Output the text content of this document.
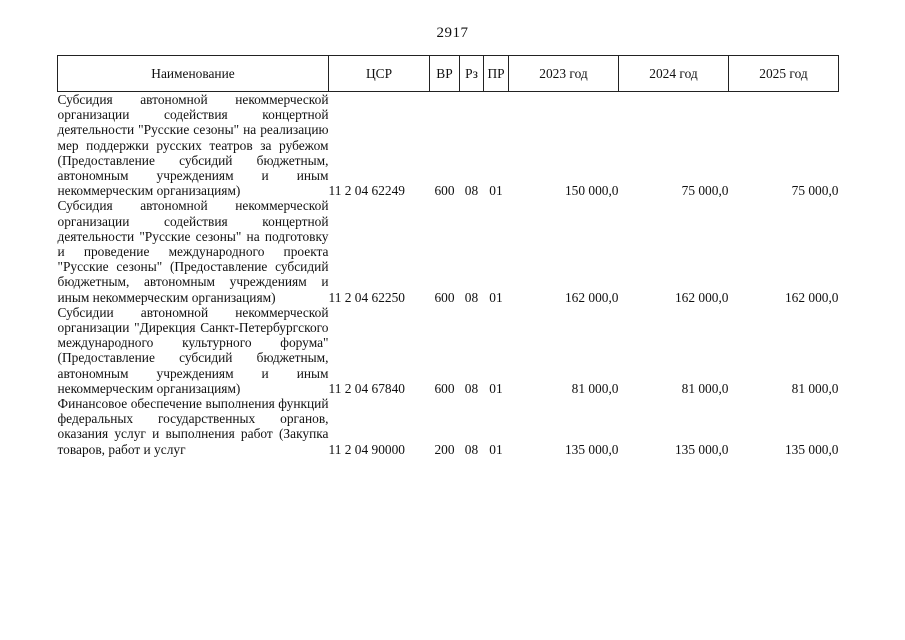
2917
Наименование	ЦСР	ВР	Рз	ПР	2023 год	2024 год	2025 год
Субсидия автономной некоммерческой организации содействия концертной деятельности "Русские сезоны" на реализацию мер поддержки русских театров за рубежом (Предоставление субсидий бюджетным, автономным учреждениям и иным некоммерческим организациям)	11 2 04 62249	600	08	01	150 000,0	75 000,0	75 000,0
Субсидия автономной некоммерческой организации содействия концертной деятельности "Русские сезоны" на подготовку и проведение международного проекта "Русские сезоны" (Предоставление субсидий бюджетным, автономным учреждениям и иным некоммерческим организациям)	11 2 04 62250	600	08	01	162 000,0	162 000,0	162 000,0
Субсидии автономной некоммерческой организации "Дирекция Санкт-Петербургского международного культурного форума" (Предоставление субсидий бюджетным, автономным учреждениям и иным некоммерческим организациям)	11 2 04 67840	600	08	01	81 000,0	81 000,0	81 000,0
Финансовое обеспечение выполнения функций федеральных государственных органов, оказания услуг и выполнения работ (Закупка товаров, работ и услуг	11 2 04 90000	200	08	01	135 000,0	135 000,0	135 000,0
